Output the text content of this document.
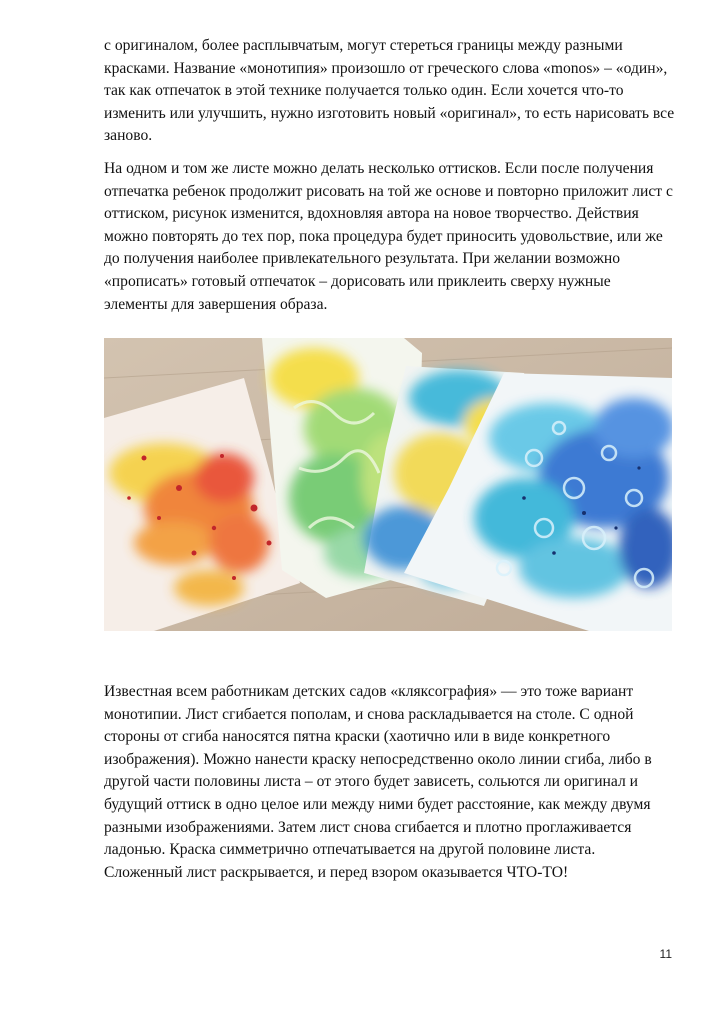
с оригиналом, более расплывчатым, могут стереться границы между разными красками. Название «монотипия» произошло от греческого слова «monos» – «один», так как отпечаток в этой технике получается только один. Если хочется что-то изменить или улучшить, нужно изготовить новый «оригинал», то есть нарисовать все заново.

На одном и том же листе можно делать несколько оттисков. Если после получения отпечатка ребенок продолжит рисовать на той же основе и повторно приложит лист с оттиском, рисунок изменится, вдохновляя автора на новое творчество. Действия можно повторять до тех пор, пока процедура будет приносить удовольствие, или же до получения наиболее привлекательного результата. При желании возможно «прописать» готовый отпечаток – дорисовать или приклеить сверху нужные элементы для завершения образа.

Известная всем работникам детских садов «кляксография» — это тоже вариант монотипии. Лист сгибается пополам, и снова раскладывается на столе. С одной стороны от сгиба наносятся пятна краски (хаотично или в виде конкретного изображения). Можно нанести краску непосредственно около линии сгиба, либо в другой части половины листа – от этого будет зависеть, сольются ли оригинал и будущий оттиск в одно целое или между ними будет расстояние, как между двумя разными изображениями. Затем лист снова сгибается и плотно проглаживается ладонью. Краска симметрично отпечатывается на другой половине листа. Сложенный лист раскрывается, и перед взором оказывается ЧТО-ТО!

11
